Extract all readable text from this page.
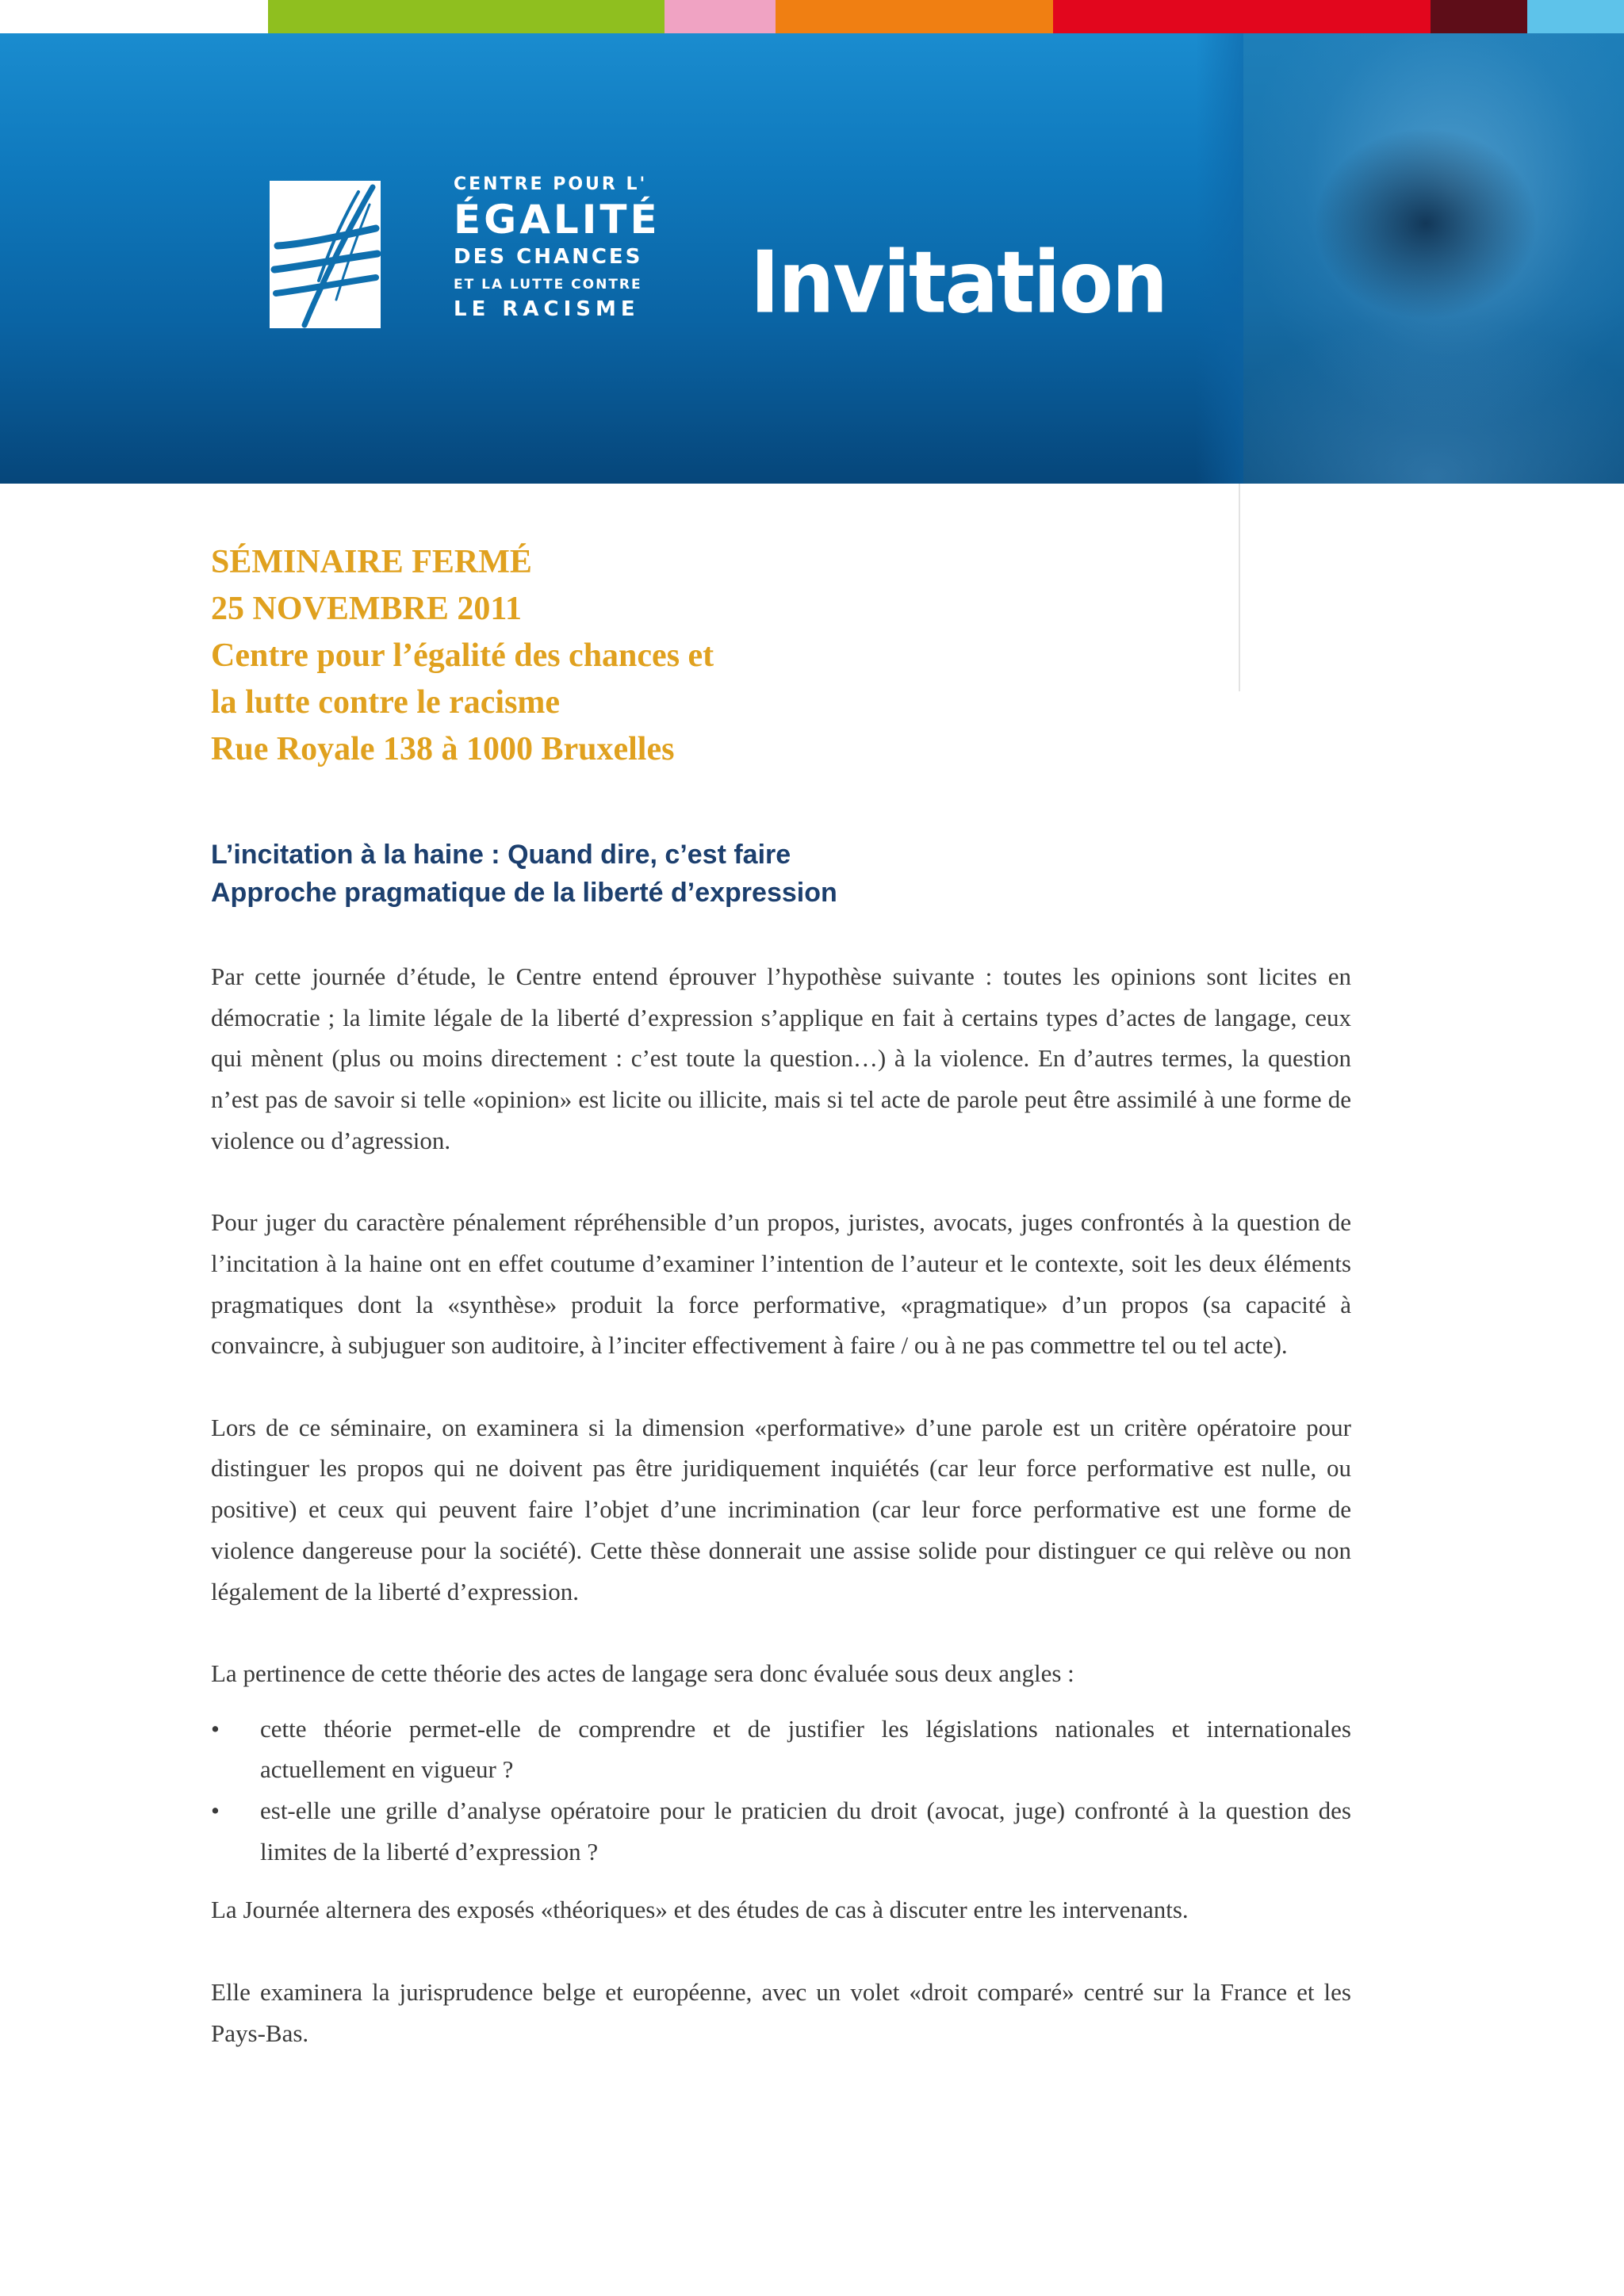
CENTRE POUR L'
ÉGALITÉ
DES CHANCES
ET LA LUTTE CONTRE
LE RACISME Invitation
SÉMINAIRE FERMÉ
25 NOVEMBRE 2011
Centre pour l’égalité des chances et
la lutte contre le racisme
Rue Royale 138 à 1000 Bruxelles
L’incitation à la haine : Quand dire, c’est faire
Approche pragmatique de la liberté d’expression

Par cette journée d’étude, le Centre entend éprouver l’hypothèse suivante : toutes les opinions sont licites en démocratie ; la limite légale de la liberté d’expression s’applique en fait à certains types d’actes de langage, ceux qui mènent (plus ou moins directement : c’est toute la question…) à la violence. En d’autres termes, la question n’est pas de savoir si telle «opinion» est licite ou illicite, mais si tel acte de parole peut être assimilé à une forme de violence ou d’agression.

Pour juger du caractère pénalement répréhensible d’un propos, juristes, avocats, juges confrontés à la question de l’incitation à la haine ont en effet coutume d’examiner l’intention de l’auteur et le contexte, soit les deux éléments pragmatiques dont la «synthèse» produit la force performative, «pragmatique» d’un propos (sa capacité à convaincre, à subjuguer son auditoire, à l’inciter effectivement à faire / ou à ne pas commettre tel ou tel acte).

Lors de ce séminaire, on examinera si la dimension «performative» d’une parole est un critère opératoire pour distinguer les propos qui ne doivent pas être juridiquement inquiétés (car leur force performative est nulle, ou positive) et ceux qui peuvent faire l’objet d’une incrimination (car leur force performative est une forme de violence dangereuse pour la société). Cette thèse donnerait une assise solide pour distinguer ce qui relève ou non légalement de la liberté d’expression.

La pertinence de cette théorie des actes de langage sera donc évaluée sous deux angles :

• cette théorie permet-elle de comprendre et de justifier les législations nationales et internationales actuellement en vigueur ?
• est-elle une grille d’analyse opératoire pour le praticien du droit (avocat, juge) confronté à la question des limites de la liberté d’expression ?

La Journée alternera des exposés «théoriques» et des études de cas à discuter entre les intervenants.

Elle examinera la jurisprudence belge et européenne, avec un volet «droit comparé» centré sur la France et les Pays-Bas.
